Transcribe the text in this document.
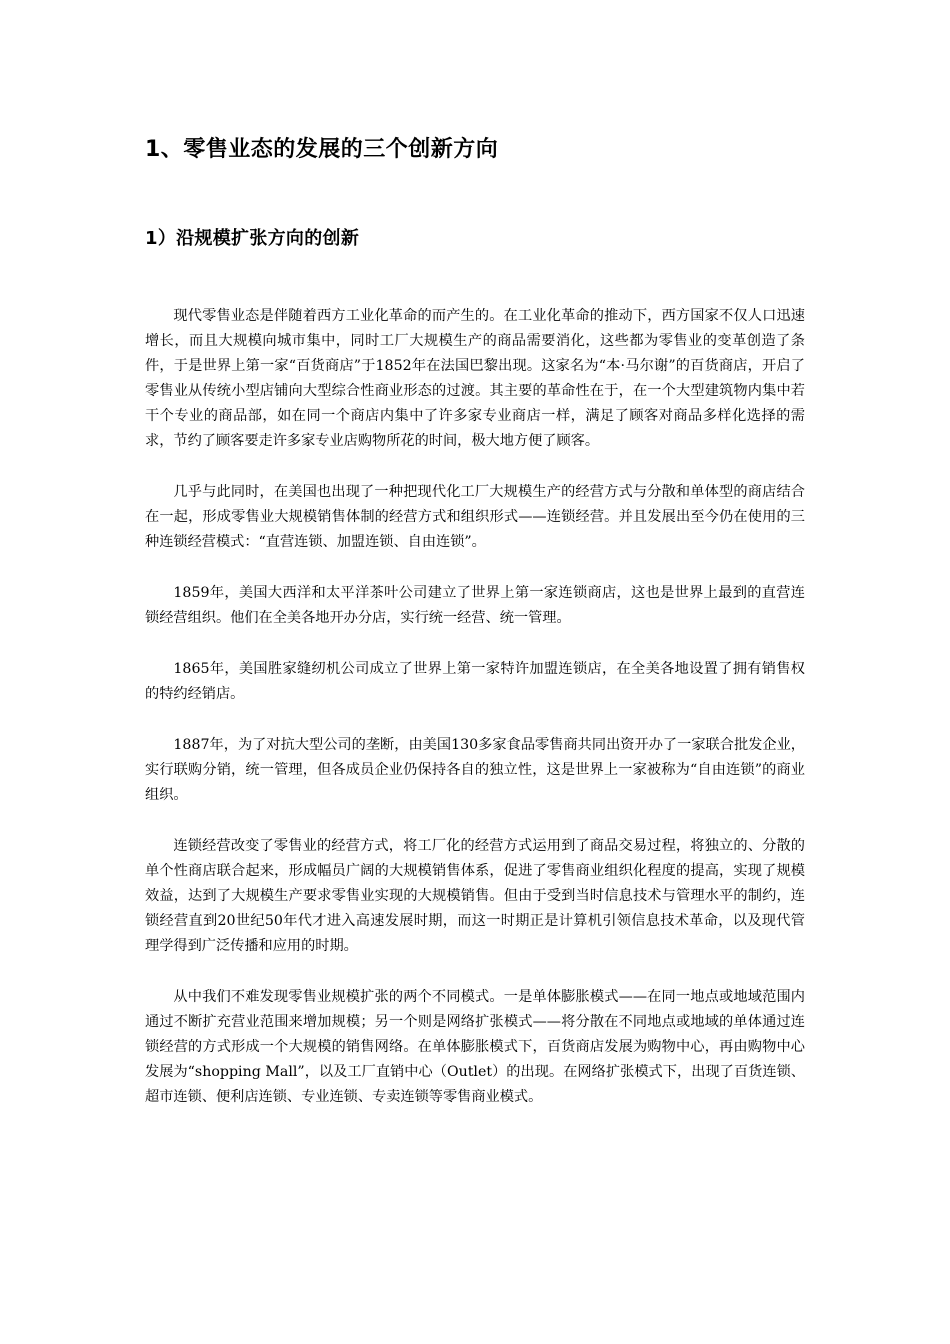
1、零售业态的发展的三个创新方向
1）沿规模扩张方向的创新

现代零售业态是伴随着西方工业化革命的而产生的。在工业化革命的推动下，西方国家不仅人口迅速增长，而且大规模向城市集中，同时工厂大规模生产的商品需要消化，这些都为零售业的变革创造了条件，于是世界上第一家“百货商店”于1852年在法国巴黎出现。这家名为“本·马尔谢”的百货商店，开启了零售业从传统小型店铺向大型综合性商业形态的过渡。其主要的革命性在于，在一个大型建筑物内集中若干个专业的商品部，如在同一个商店内集中了许多家专业商店一样，满足了顾客对商品多样化选择的需求，节约了顾客要走许多家专业店购物所花的时间，极大地方便了顾客。

几乎与此同时，在美国也出现了一种把现代化工厂大规模生产的经营方式与分散和单体型的商店结合在一起，形成零售业大规模销售体制的经营方式和组织形式——连锁经营。并且发展出至今仍在使用的三种连锁经营模式：“直营连锁、加盟连锁、自由连锁”。

1859年，美国大西洋和太平洋茶叶公司建立了世界上第一家连锁商店，这也是世界上最到的直营连锁经营组织。他们在全美各地开办分店，实行统一经营、统一管理。

1865年，美国胜家缝纫机公司成立了世界上第一家特许加盟连锁店，在全美各地设置了拥有销售权的特约经销店。

1887年，为了对抗大型公司的垄断，由美国130多家食品零售商共同出资开办了一家联合批发企业，实行联购分销，统一管理，但各成员企业仍保持各自的独立性，这是世界上一家被称为“自由连锁”的商业组织。

连锁经营改变了零售业的经营方式，将工厂化的经营方式运用到了商品交易过程，将独立的、分散的单个性商店联合起来，形成幅员广阔的大规模销售体系，促进了零售商业组织化程度的提高，实现了规模效益，达到了大规模生产要求零售业实现的大规模销售。但由于受到当时信息技术与管理水平的制约，连锁经营直到20世纪50年代才进入高速发展时期，而这一时期正是计算机引领信息技术革命，以及现代管理学得到广泛传播和应用的时期。

从中我们不难发现零售业规模扩张的两个不同模式。一是单体膨胀模式——在同一地点或地域范围内通过不断扩充营业范围来增加规模；另一个则是网络扩张模式——将分散在不同地点或地域的单体通过连锁经营的方式形成一个大规模的销售网络。在单体膨胀模式下，百货商店发展为购物中心，再由购物中心发展为“shopping Mall”，以及工厂直销中心（Outlet）的出现。在网络扩张模式下，出现了百货连锁、超市连锁、便利店连锁、专业连锁、专卖连锁等零售商业模式。
